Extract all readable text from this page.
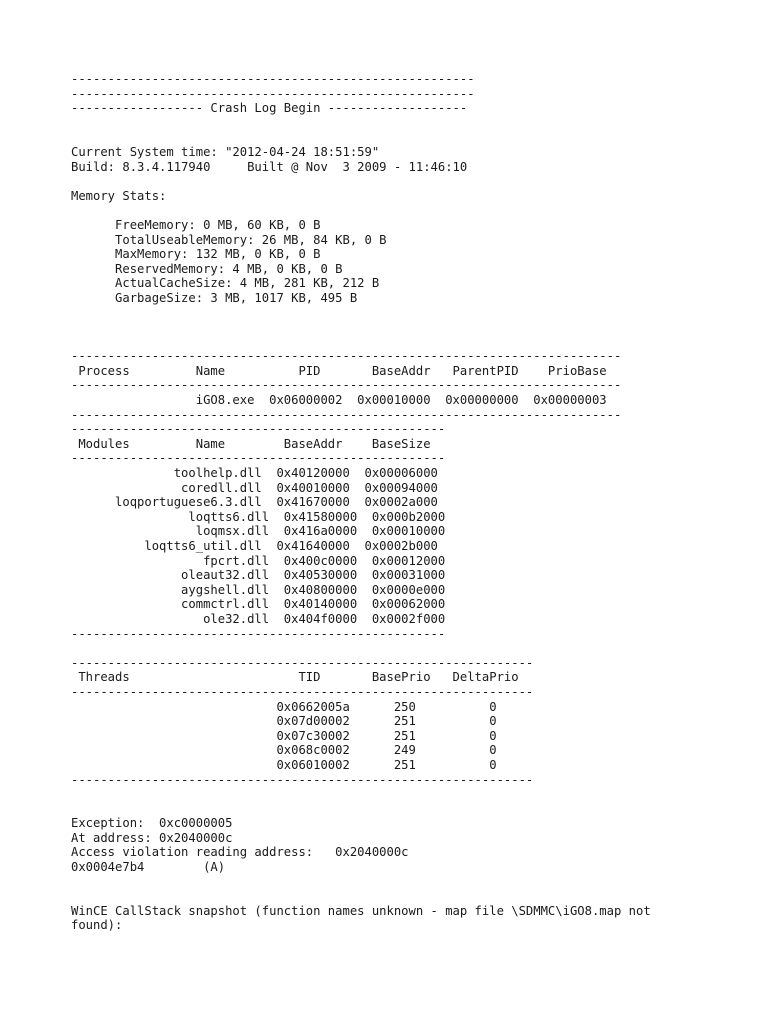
-------------------------------------------------------
-------------------------------------------------------
------------------ Crash Log Begin -------------------
Current System time: "2012-04-24 18:51:59"
Build: 8.3.4.117940     Built @ Nov  3 2009 - 11:46:10
Memory Stats:
FreeMemory: 0 MB, 60 KB, 0 B
TotalUseableMemory: 26 MB, 84 KB, 0 B
MaxMemory: 132 MB, 0 KB, 0 B
ReservedMemory: 4 MB, 0 KB, 0 B
ActualCacheSize: 4 MB, 281 KB, 212 B
GarbageSize: 3 MB, 1017 KB, 495 B
---------------------------------------------------------------------------
Process         Name          PID       BaseAddr   ParentPID    PrioBase
---------------------------------------------------------------------------
iGO8.exe  0x06000002  0x00010000  0x00000000  0x00000003
---------------------------------------------------------------------------
---------------------------------------------------
Modules         Name        BaseAddr    BaseSize
---------------------------------------------------
toolhelp.dll  0x40120000  0x00006000
coredll.dll  0x40010000  0x00094000
loqportuguese6.3.dll  0x41670000  0x0002a000
loqtts6.dll  0x41580000  0x000b2000
loqmsx.dll  0x416a0000  0x00010000
loqtts6_util.dll  0x41640000  0x0002b000
fpcrt.dll  0x400c0000  0x00012000
oleaut32.dll  0x40530000  0x00031000
aygshell.dll  0x40800000  0x0000e000
commctrl.dll  0x40140000  0x00062000
ole32.dll  0x404f0000  0x0002f000
---------------------------------------------------
---------------------------------------------------------------
Threads                       TID       BasePrio   DeltaPrio
---------------------------------------------------------------
0x0662005a      250          0
0x07d00002      251          0
0x07c30002      251          0
0x068c0002      249          0
0x06010002      251          0
---------------------------------------------------------------
Exception:  0xc0000005
At address: 0x2040000c
Access violation reading address:   0x2040000c
0x0004e7b4        (A)
WinCE CallStack snapshot (function names unknown - map file \SDMMC\iGO8.map not
found):
